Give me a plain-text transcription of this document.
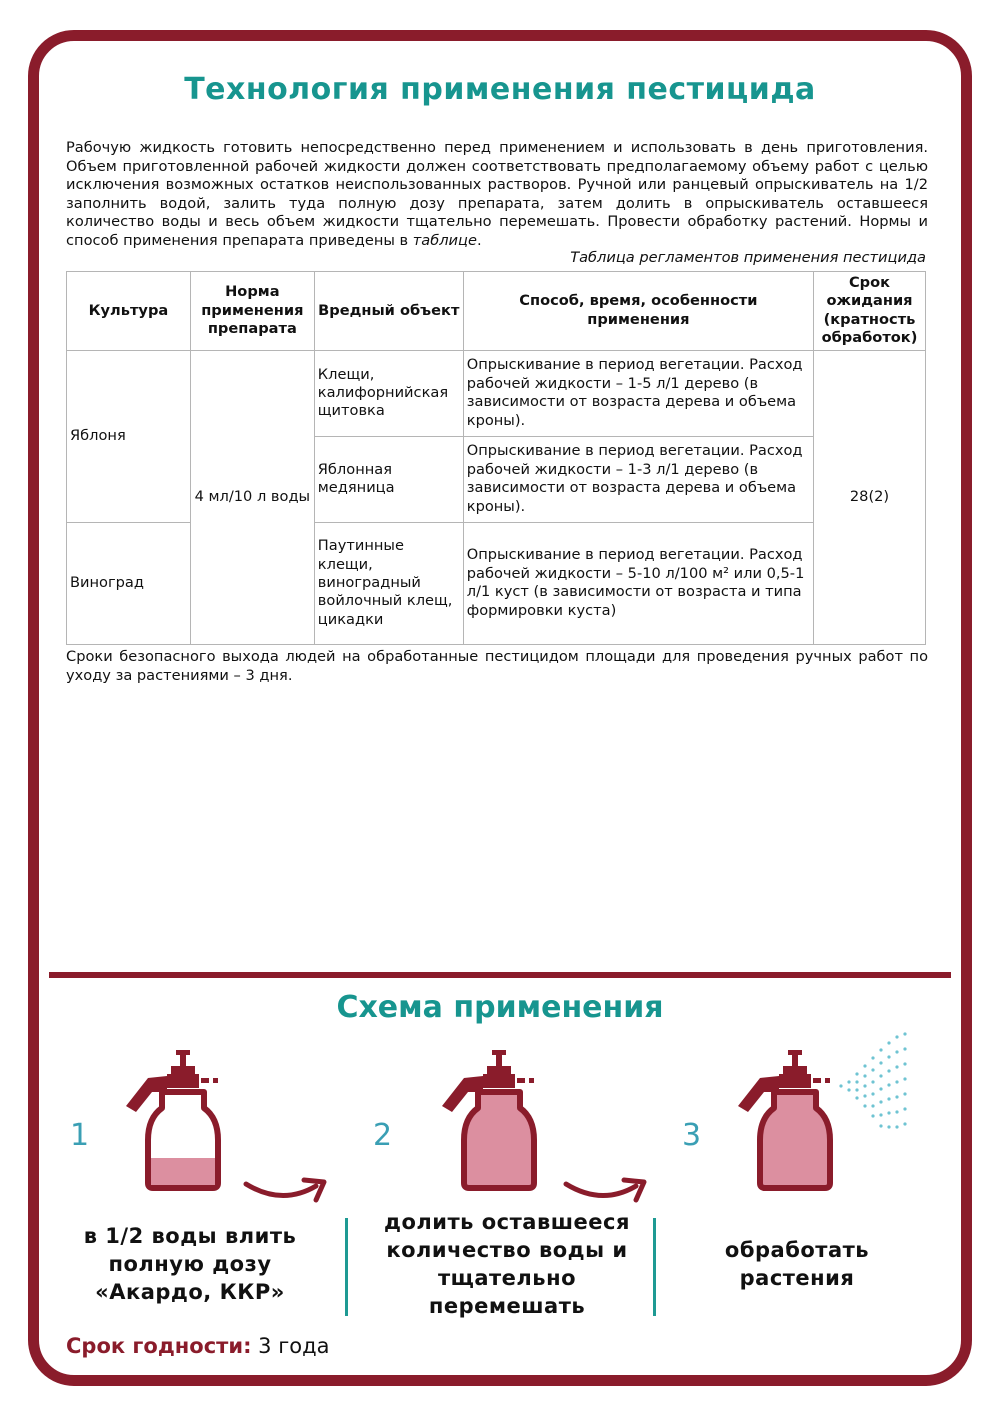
Технология применения пестицида
Рабочую жидкость готовить непосредственно перед применением и использовать в день приготовления. Объем приготовленной рабочей жидкости должен соответствовать предполагаемому объему работ с целью исключения возможных остатков неиспользованных растворов. Ручной или ранцевый опрыскиватель на 1/2 заполнить водой, залить туда полную дозу препарата, затем долить в опрыскиватель оставшееся количество воды и весь объем жидкости тщательно перемешать. Провести обработку растений. Нормы и способ применения препарата приведены в таблице.
Таблица регламентов применения пестицида
Культура	Норма применения препарата	Вредный объект	Способ, время, особенности применения	Срок ожидания (кратность обработок)
Яблоня	4 мл/10 л воды	Клещи, калифорнийская щитовка	Опрыскивание в период вегетации. Расход рабочей жидкости – 1-5 л/1 дерево (в зависимости от возраста дерева и объема кроны).	28(2)
		Яблонная медяница	Опрыскивание в период вегетации. Расход рабочей жидкости – 1-3 л/1 дерево (в зависимости от возраста дерева и объема кроны).	
Виноград		Паутинные клещи, виноградный войлочный клещ, цикадки	Опрыскивание в период вегетации. Расход рабочей жидкости – 5-10 л/100 м² или 0,5-1 л/1 куст (в зависимости от возраста и типа формировки куста)	
Сроки безопасного выхода людей на обработанные пестицидом площади для проведения ручных работ по уходу за растениями – 3 дня.
Схема применения
1
в 1/2 воды влить полную дозу «Акардо, ККР»
2
долить оставшееся количество воды и тщательно перемешать
3
обработать растения
Срок годности: 3 года
